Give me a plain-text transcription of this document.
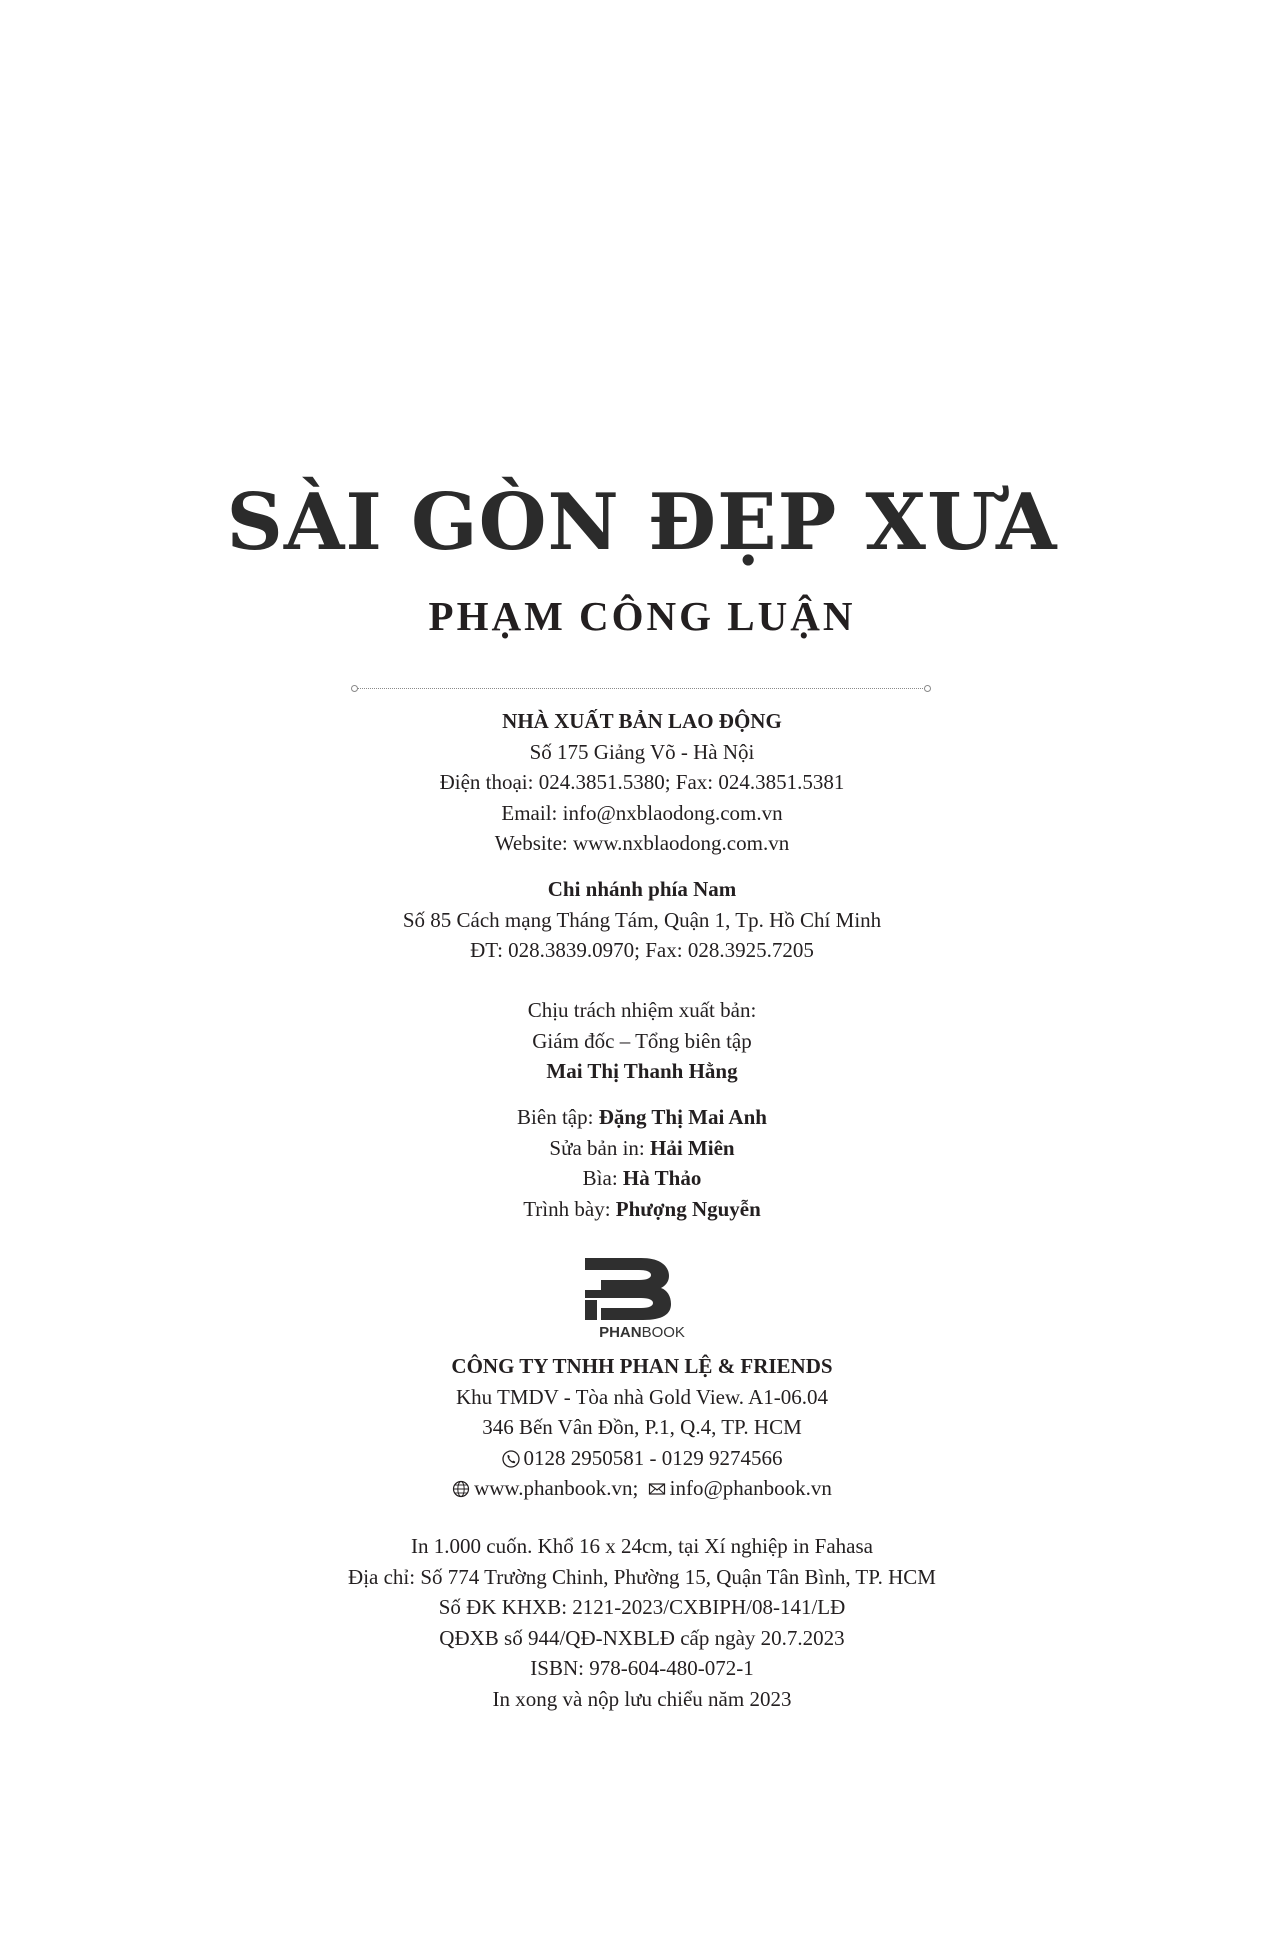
SÀI GÒN ĐẸP XƯA
PHẠM CÔNG LUẬN
NHÀ XUẤT BẢN LAO ĐỘNG
Số 175 Giảng Võ - Hà Nội
Điện thoại: 024.3851.5380; Fax: 024.3851.5381
Email: info@nxblaodong.com.vn
Website: www.nxblaodong.com.vn
Chi nhánh phía Nam
Số 85 Cách mạng Tháng Tám, Quận 1, Tp. Hồ Chí Minh
ĐT: 028.3839.0970; Fax: 028.3925.7205
Chịu trách nhiệm xuất bản:
Giám đốc – Tổng biên tập
Mai Thị Thanh Hằng
Biên tập: Đặng Thị Mai Anh
Sửa bản in: Hải Miên
Bìa: Hà Thảo
Trình bày: Phượng Nguyễn
PHANBOOK
CÔNG TY TNHH PHAN LỆ & FRIENDS
Khu TMDV - Tòa nhà Gold View. A1-06.04
346 Bến Vân Đồn, P.1, Q.4, TP. HCM
0128 2950581 - 0129 9274566
www.phanbook.vn; info@phanbook.vn
In 1.000 cuốn. Khổ 16 x 24cm, tại Xí nghiệp in Fahasa
Địa chỉ: Số 774 Trường Chinh, Phường 15, Quận Tân Bình, TP. HCM
Số ĐK KHXB: 2121-2023/CXBIPH/08-141/LĐ
QĐXB số 944/QĐ-NXBLĐ cấp ngày 20.7.2023
ISBN: 978-604-480-072-1
In xong và nộp lưu chiểu năm 2023
